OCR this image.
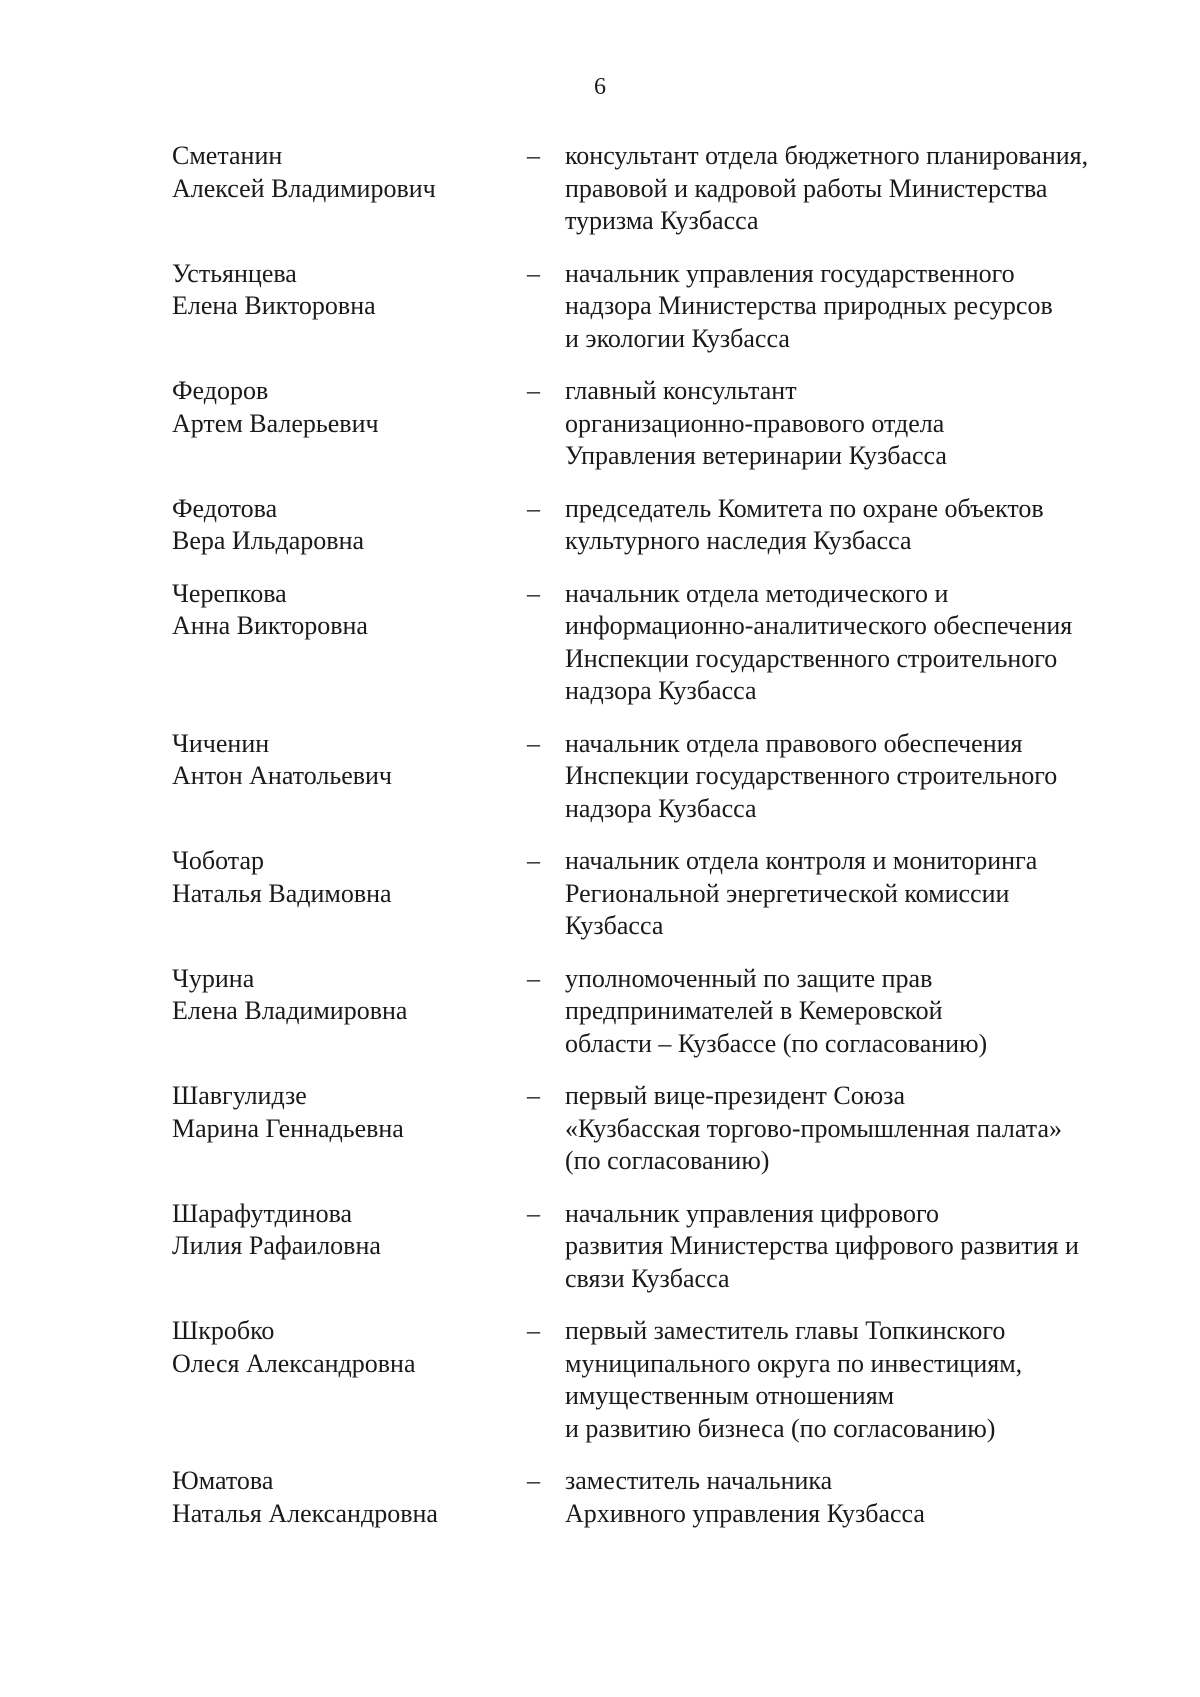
6
Сметанин
Алексей Владимирович
– консультант отдела бюджетного планирования,
правовой и кадровой работы Министерства
туризма Кузбасса
Устьянцева
Елена Викторовна
– начальник управления государственного
надзора Министерства природных ресурсов
и экологии Кузбасса
Федоров
Артем Валерьевич
– главный консультант
организационно-правового отдела
Управления ветеринарии Кузбасса
Федотова
Вера Ильдаровна
– председатель Комитета по охране объектов
культурного наследия Кузбасса
Черепкова
Анна Викторовна
– начальник отдела методического и
информационно-аналитического обеспечения
Инспекции государственного строительного
надзора Кузбасса
Чиченин
Антон Анатольевич
– начальник отдела правового обеспечения
Инспекции государственного строительного
надзора Кузбасса
Чоботар
Наталья Вадимовна
– начальник отдела контроля и мониторинга
Региональной энергетической комиссии
Кузбасса
Чурина
Елена Владимировна
– уполномоченный по защите прав
предпринимателей в Кемеровской
области – Кузбассе (по согласованию)
Шавгулидзе
Марина Геннадьевна
– первый вице-президент Союза
«Кузбасская торгово-промышленная палата»
(по согласованию)
Шарафутдинова
Лилия Рафаиловна
– начальник управления цифрового
развития Министерства цифрового развития и
связи Кузбасса
Шкробко
Олеся Александровна
– первый заместитель главы Топкинского
муниципального округа по инвестициям,
имущественным отношениям
и развитию бизнеса (по согласованию)
Юматова
Наталья Александровна
– заместитель начальника
Архивного управления Кузбасса
